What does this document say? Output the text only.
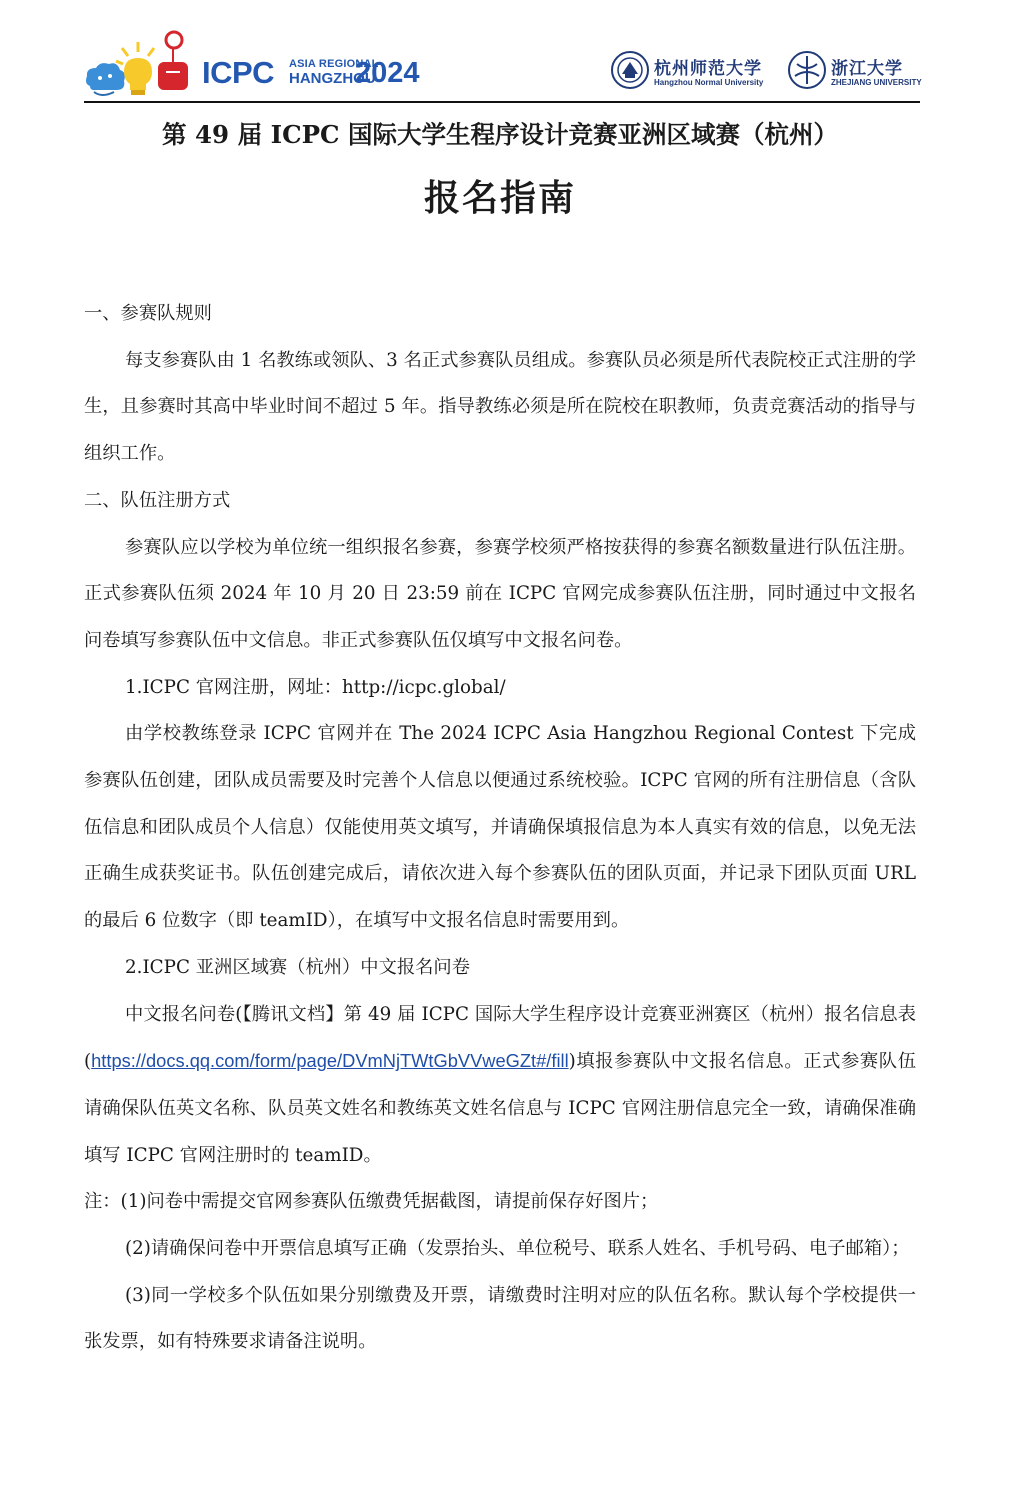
ICPC ASIA REGIONAL
HANGZHOU
2024	杭州师范大学
Hangzhou Normal University
浙江大学
ZHEJIANG UNIVERSITY
第 49 届 ICPC 国际大学生程序设计竞赛亚洲区域赛（杭州）
报名指南

一、参赛队规则

每支参赛队由 1 名教练或领队、3 名正式参赛队员组成。参赛队员必须是所代表院校正式注册的学生，且参赛时其高中毕业时间不超过 5 年。指导教练必须是所在院校在职教师，负责竞赛活动的指导与组织工作。

二、队伍注册方式

参赛队应以学校为单位统一组织报名参赛，参赛学校须严格按获得的参赛名额数量进行队伍注册。正式参赛队伍须 2024 年 10 月 20 日 23:59 前在 ICPC 官网完成参赛队伍注册，同时通过中文报名问卷填写参赛队伍中文信息。非正式参赛队伍仅填写中文报名问卷。

1.ICPC 官网注册，网址：http://icpc.global/

由学校教练登录 ICPC 官网并在 The 2024 ICPC Asia Hangzhou Regional Contest 下完成参赛队伍创建，团队成员需要及时完善个人信息以便通过系统校验。ICPC 官网的所有注册信息（含队伍信息和团队成员个人信息）仅能使用英文填写，并请确保填报信息为本人真实有效的信息，以免无法正确生成获奖证书。队伍创建完成后，请依次进入每个参赛队伍的团队页面，并记录下团队页面 URL 的最后 6 位数字（即 teamID），在填写中文报名信息时需要用到。

2.ICPC 亚洲区域赛（杭州）中文报名问卷

中文报名问卷(【腾讯文档】第 49 届 ICPC 国际大学生程序设计竞赛亚洲赛区（杭州）报名信息表(https://docs.qq.com/form/page/DVmNjTWtGbVVweGZt#/fill)填报参赛队中文报名信息。正式参赛队伍请确保队伍英文名称、队员英文姓名和教练英文姓名信息与 ICPC 官网注册信息完全一致，请确保准确填写 ICPC 官网注册时的 teamID。

注：(1)问卷中需提交官网参赛队伍缴费凭据截图，请提前保存好图片；

(2)请确保问卷中开票信息填写正确（发票抬头、单位税号、联系人姓名、手机号码、电子邮箱）；

(3)同一学校多个队伍如果分别缴费及开票，请缴费时注明对应的队伍名称。默认每个学校提供一张发票，如有特殊要求请备注说明。
